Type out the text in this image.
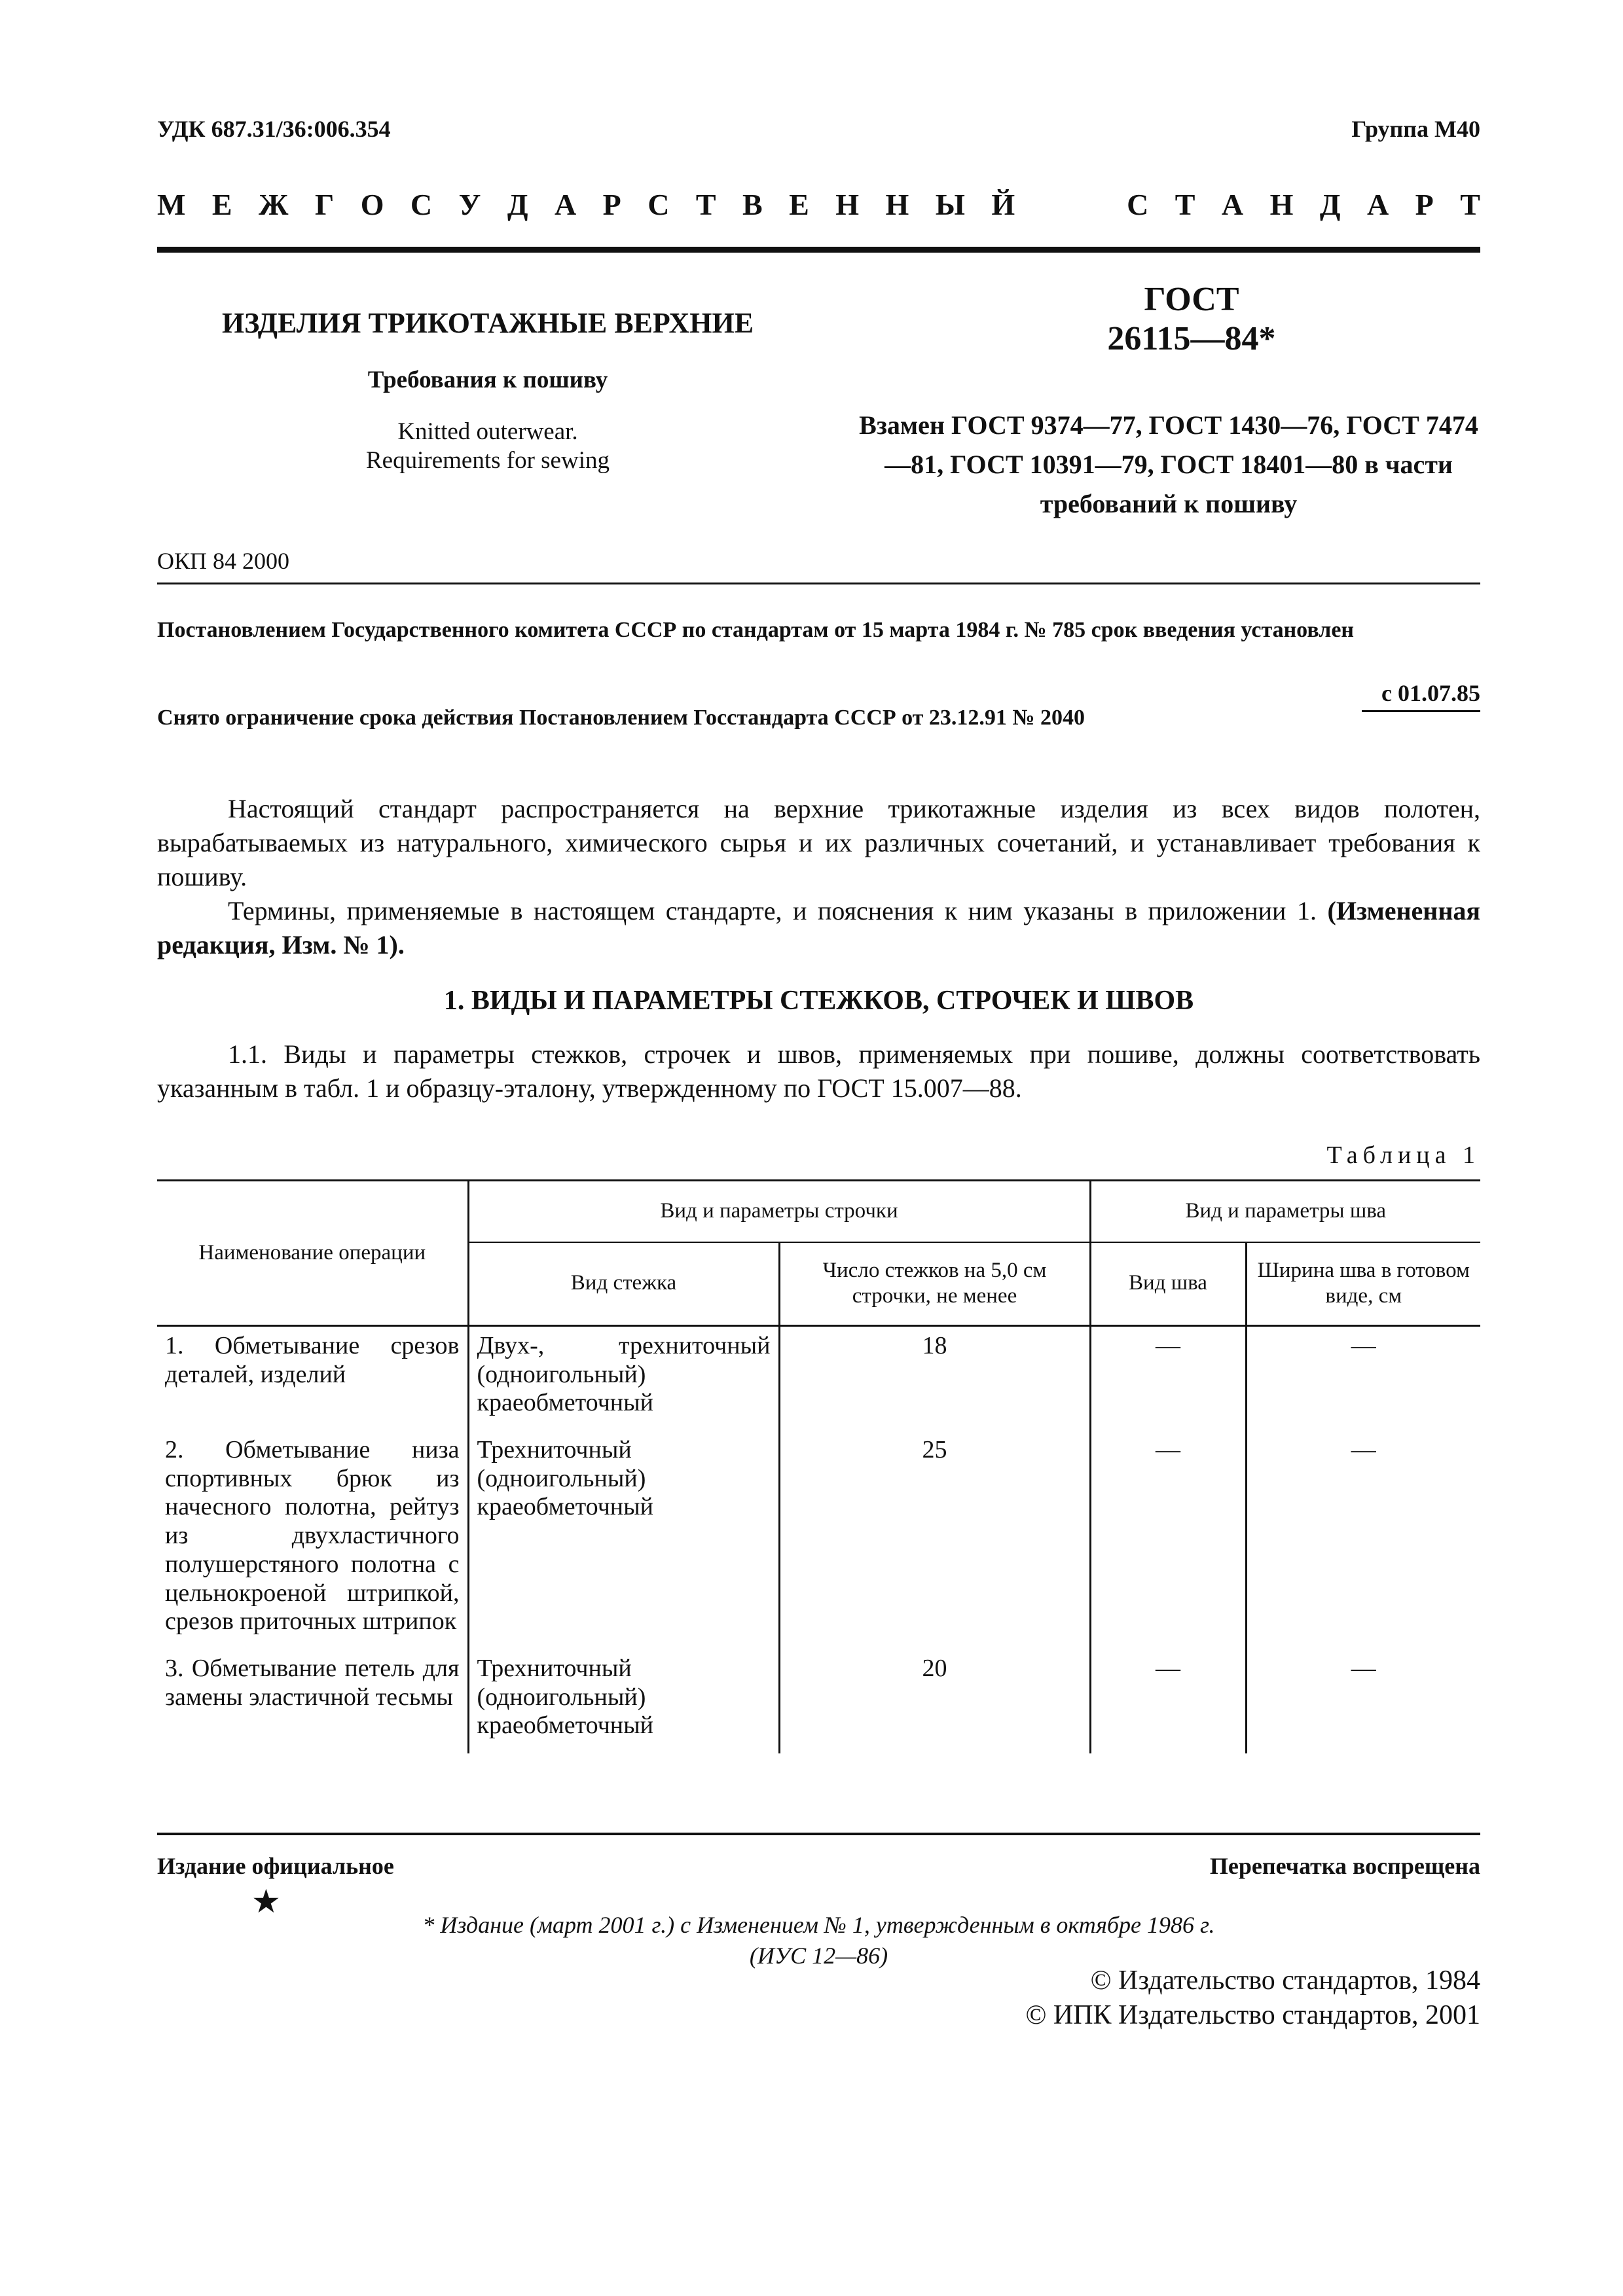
УДК 687.31/36:006.354	Группа М40
М Е Ж Г О С У Д А Р С Т В Е Н Н Ы Й	С Т А Н Д А Р Т
ИЗДЕЛИЯ ТРИКОТАЖНЫЕ ВЕРХНИЕ
Требования к пошиву
Knitted outerwear.
Requirements for sewing
ГОСТ
26115—84*
Взамен ГОСТ 9374—77, ГОСТ 1430—76, ГОСТ 7474—81, ГОСТ 10391—79, ГОСТ 18401—80 в части требований к пошиву
ОКП 84 2000
Постановлением Государственного комитета СССР по стандартам от 15 марта 1984 г. № 785 срок введения установлен
с 01.07.85
Снято ограничение срока действия Постановлением Госстандарта СССР от 23.12.91 № 2040
Настоящий стандарт распространяется на верхние трикотажные изделия из всех видов полотен, вырабатываемых из натурального, химического сырья и их различных сочетаний, и устанавливает требования к пошиву.
Термины, применяемые в настоящем стандарте, и пояснения к ним указаны в приложении 1. (Измененная редакция, Изм. № 1).
1. ВИДЫ И ПАРАМЕТРЫ СТЕЖКОВ, СТРОЧЕК И ШВОВ
1.1. Виды и параметры стежков, строчек и швов, применяемых при пошиве, должны соответствовать указанным в табл. 1 и образцу-эталону, утвержденному по ГОСТ 15.007—88.
Таблица 1
Наименование операции	Вид и параметры строчки		Вид и параметры шва	
	Вид стежка	Число стежков на 5,0 см строчки, не менее	Вид шва	Ширина шва в готовом виде, см
1. Обметывание срезов деталей, изделий	Двух-, трехниточный (одноигольный) краеобметочный	18	—	—
2. Обметывание низа спортивных брюк из начесного полотна, рейтуз из двухластичного полушерстяного полотна с цельнокроеной штрипкой, срезов приточных штрипок	Трехниточный (одноигольный) краеобметочный	25	—	—
3. Обметывание петель для замены эластичной тесьмы	Трехниточный (одноигольный) краеобметочный	20	—	—
Издание официальное	Перепечатка воспрещена
★
* Издание (март 2001 г.) с Изменением № 1, утвержденным в октябре 1986 г.
(ИУС 12—86)
© Издательство стандартов, 1984
© ИПК Издательство стандартов, 2001
